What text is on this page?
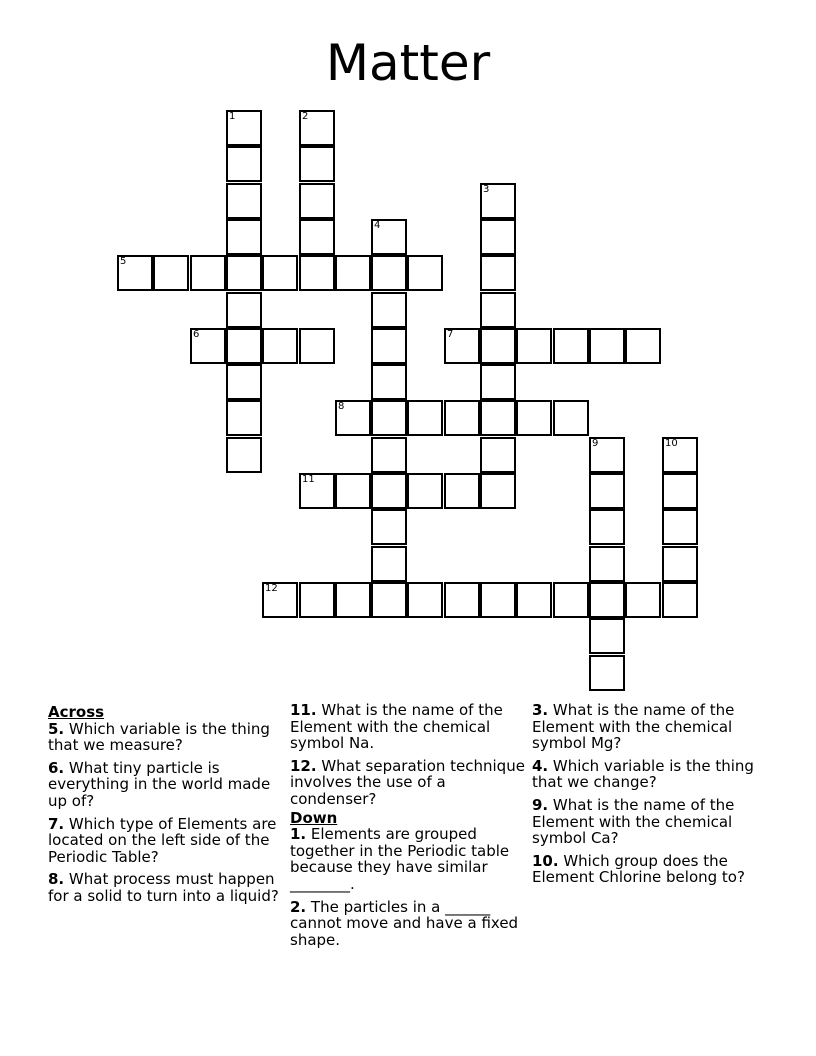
Matter
1	2
3
4
5
6	7
8
9	10
11
12
Across
5. Which variable is the thing that we measure?
6. What tiny particle is everything in the world made up of?
7. Which type of Elements are located on the left side of the Periodic Table?
8. What process must happen for a solid to turn into a liquid?
11. What is the name of the Element with the chemical symbol Na.
12. What separation technique involves the use of a condenser?
Down
1. Elements are grouped together in the Periodic table because they have similar ________.
2. The particles in a ______ cannot move and have a fixed shape.
3. What is the name of the Element with the chemical symbol Mg?
4. Which variable is the thing that we change?
9. What is the name of the Element with the chemical symbol Ca?
10. Which group does the Element Chlorine belong to?
